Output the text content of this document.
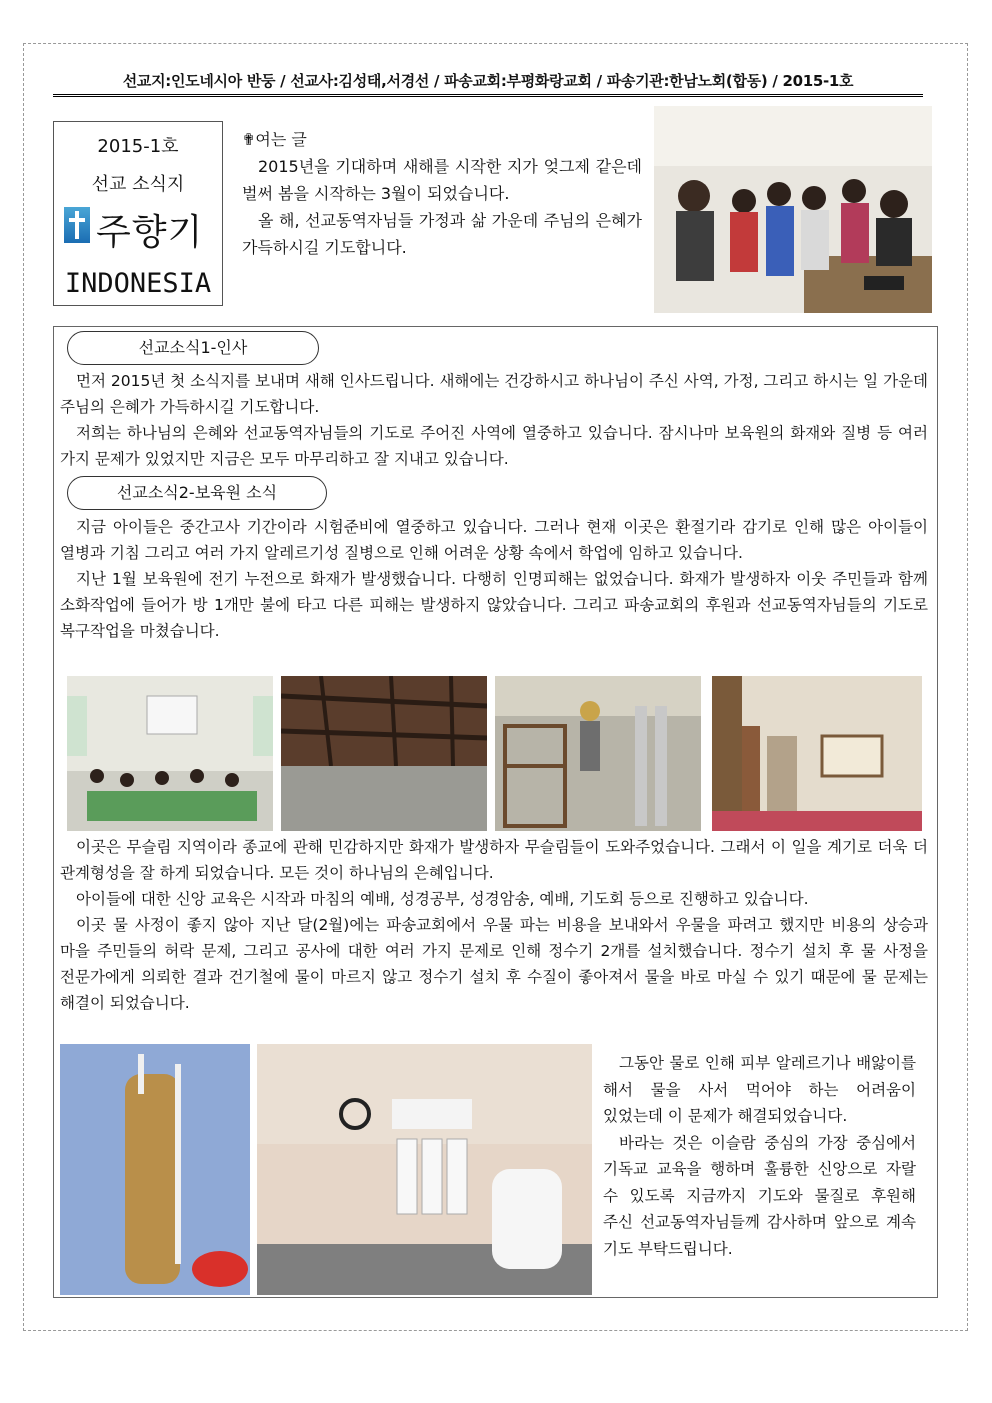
선교지:인도네시아 반둥 / 선교사:김성태,서경선 / 파송교회:부평화랑교회 / 파송기관:한남노회(합동) / 2015-1호
2015-1호
선교 소식지
주향기
INDONESIA
✟여는 글

2015년을 기대하며 새해를 시작한 지가 엊그제 같은데 벌써 봄을 시작하는 3월이 되었습니다.

올 해, 선교동역자님들 가정과 삶 가운데 주님의 은혜가 가득하시길 기도합니다.

선교소식1-인사

먼저 2015년 첫 소식지를 보내며 새해 인사드립니다. 새해에는 건강하시고 하나님이 주신 사역, 가정, 그리고 하시는 일 가운데 주님의 은혜가 가득하시길 기도합니다.

저희는 하나님의 은혜와 선교동역자님들의 기도로 주어진 사역에 열중하고 있습니다. 잠시나마 보육원의 화재와 질병 등 여러 가지 문제가 있었지만 지금은 모두 마무리하고 잘 지내고 있습니다.

선교소식2-보육원 소식

지금 아이들은 중간고사 기간이라 시험준비에 열중하고 있습니다. 그러나 현재 이곳은 환절기라 감기로 인해 많은 아이들이 열병과 기침 그리고 여러 가지 알레르기성 질병으로 인해 어려운 상황 속에서 학업에 임하고 있습니다.

지난 1월 보육원에 전기 누전으로 화재가 발생했습니다. 다행히 인명피해는 없었습니다. 화재가 발생하자 이웃 주민들과 함께 소화작업에 들어가 방 1개만 불에 타고 다른 피해는 발생하지 않았습니다. 그리고 파송교회의 후원과 선교동역자님들의 기도로 복구작업을 마쳤습니다.

이곳은 무슬림 지역이라 종교에 관해 민감하지만 화재가 발생하자 무슬림들이 도와주었습니다. 그래서 이 일을 계기로 더욱 더 관계형성을 잘 하게 되었습니다. 모든 것이 하나님의 은혜입니다.

아이들에 대한 신앙 교육은 시작과 마침의 예배, 성경공부, 성경암송, 예배, 기도회 등으로 진행하고 있습니다.

이곳 물 사정이 좋지 않아 지난 달(2월)에는 파송교회에서 우물 파는 비용을 보내와서 우물을 파려고 했지만 비용의 상승과 마을 주민들의 허락 문제, 그리고 공사에 대한 여러 가지 문제로 인해 정수기 2개를 설치했습니다. 정수기 설치 후 물 사정을 전문가에게 의뢰한 결과 건기철에 물이 마르지 않고 정수기 설치 후 수질이 좋아져서 물을 바로 마실 수 있기 때문에 물 문제는 해결이 되었습니다.

그동안 물로 인해 피부 알레르기나 배앓이를 해서 물을 사서 먹어야 하는 어려움이 있었는데 이 문제가 해결되었습니다.

바라는 것은 이슬람 중심의 가장 중심에서 기독교 교육을 행하며 훌륭한 신앙으로 자랄 수 있도록 지금까지 기도와 물질로 후원해 주신 선교동역자님들께 감사하며 앞으로 계속 기도 부탁드립니다.
